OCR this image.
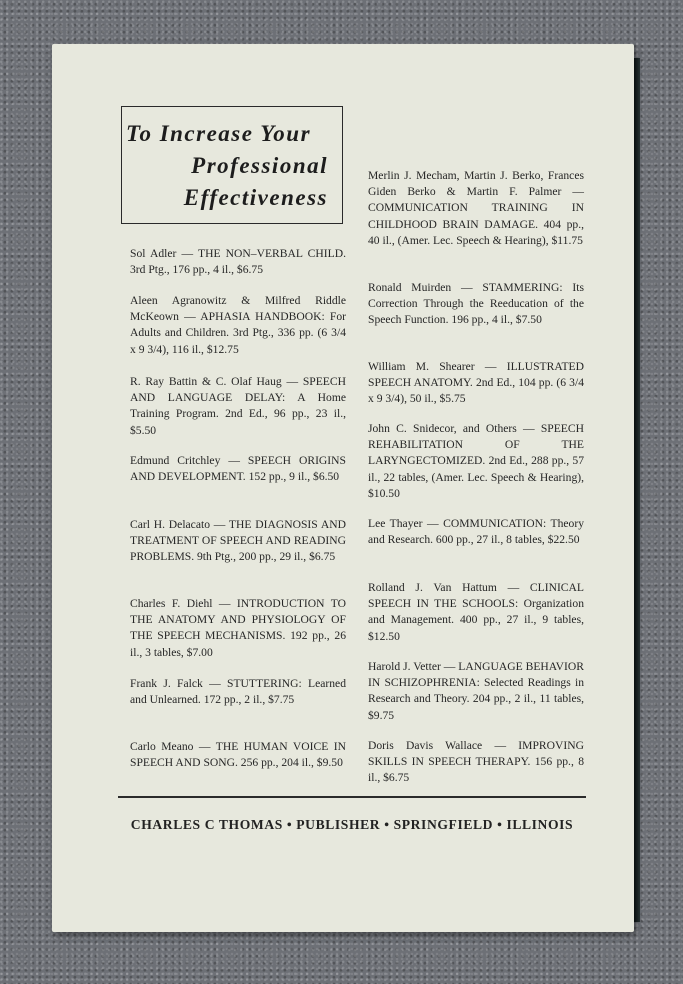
To Increase Your

Professional

Effectiveness

Sol Adler — THE NON–VERBAL CHILD. 3rd Ptg., 176 pp., 4 il., $6.75
Aleen Agranowitz & Milfred Riddle McKeown — APHASIA HANDBOOK: For Adults and Children. 3rd Ptg., 336 pp. (6 3/4 x 9 3/4), 116 il., $12.75
R. Ray Battin & C. Olaf Haug — SPEECH AND LANGUAGE DELAY: A Home Training Program. 2nd Ed., 96 pp., 23 il., $5.50
Edmund Critchley — SPEECH ORIGINS AND DEVELOPMENT. 152 pp., 9 il., $6.50
Carl H. Delacato — THE DIAGNOSIS AND TREATMENT OF SPEECH AND READING PROBLEMS. 9th Ptg., 200 pp., 29 il., $6.75
Charles F. Diehl — INTRODUCTION TO THE ANATOMY AND PHYSIOLOGY OF THE SPEECH MECHANISMS. 192 pp., 26 il., 3 tables, $7.00
Frank J. Falck — STUTTERING: Learned and Unlearned. 172 pp., 2 il., $7.75
Carlo Meano — THE HUMAN VOICE IN SPEECH AND SONG. 256 pp., 204 il., $9.50
Merlin J. Mecham, Martin J. Berko, Frances Giden Berko & Martin F. Palmer — COMMUNICATION TRAINING IN CHILDHOOD BRAIN DAMAGE. 404 pp., 40 il., (Amer. Lec. Speech & Hearing), $11.75
Ronald Muirden — STAMMERING: Its Correction Through the Reeducation of the Speech Function. 196 pp., 4 il., $7.50
William M. Shearer — ILLUSTRATED SPEECH ANATOMY. 2nd Ed., 104 pp. (6 3/4 x 9 3/4), 50 il., $5.75
John C. Snidecor, and Others — SPEECH REHABILITATION OF THE LARYNGECTOMIZED. 2nd Ed., 288 pp., 57 il., 22 tables, (Amer. Lec. Speech & Hearing), $10.50
Lee Thayer — COMMUNICATION: Theory and Research. 600 pp., 27 il., 8 tables, $22.50
Rolland J. Van Hattum — CLINICAL SPEECH IN THE SCHOOLS: Organization and Management. 400 pp., 27 il., 9 tables, $12.50
Harold J. Vetter — LANGUAGE BEHAVIOR IN SCHIZOPHRENIA: Selected Readings in Research and Theory. 204 pp., 2 il., 11 tables, $9.75
Doris Davis Wallace — IMPROVING SKILLS IN SPEECH THERAPY. 156 pp., 8 il., $6.75
CHARLES C THOMAS • PUBLISHER • SPRINGFIELD • ILLINOIS
